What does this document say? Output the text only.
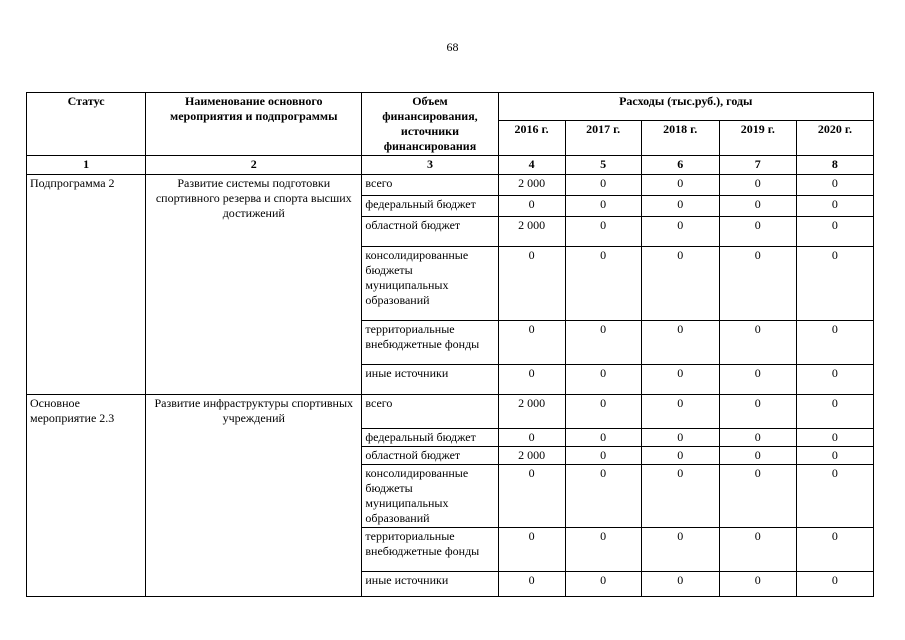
68
Статус	Наименование основного мероприятия и подпрограммы	Объем финансирования, источники финансирования	Расходы (тыс.руб.), годы				
			2016 г.	2017 г.	2018 г.	2019 г.	2020 г.
1	2	3	4	5	6	7	8
Подпрограмма 2	Развитие системы подготовки спортивного резерва и спорта высших достижений	всего	2 000	0	0	0	0
		федеральный бюджет	0	0	0	0	0
		областной бюджет	2 000	0	0	0	0
		консолидированные бюджеты муниципальных образований	0	0	0	0	0
		территориальные внебюджетные фонды	0	0	0	0	0
		иные источники	0	0	0	0	0
Основное мероприятие 2.3	Развитие инфраструктуры спортивных учреждений	всего	2 000	0	0	0	0
		федеральный бюджет	0	0	0	0	0
		областной бюджет	2 000	0	0	0	0
		консолидированные бюджеты муниципальных образований	0	0	0	0	0
		территориальные внебюджетные фонды	0	0	0	0	0
		иные источники	0	0	0	0	0
